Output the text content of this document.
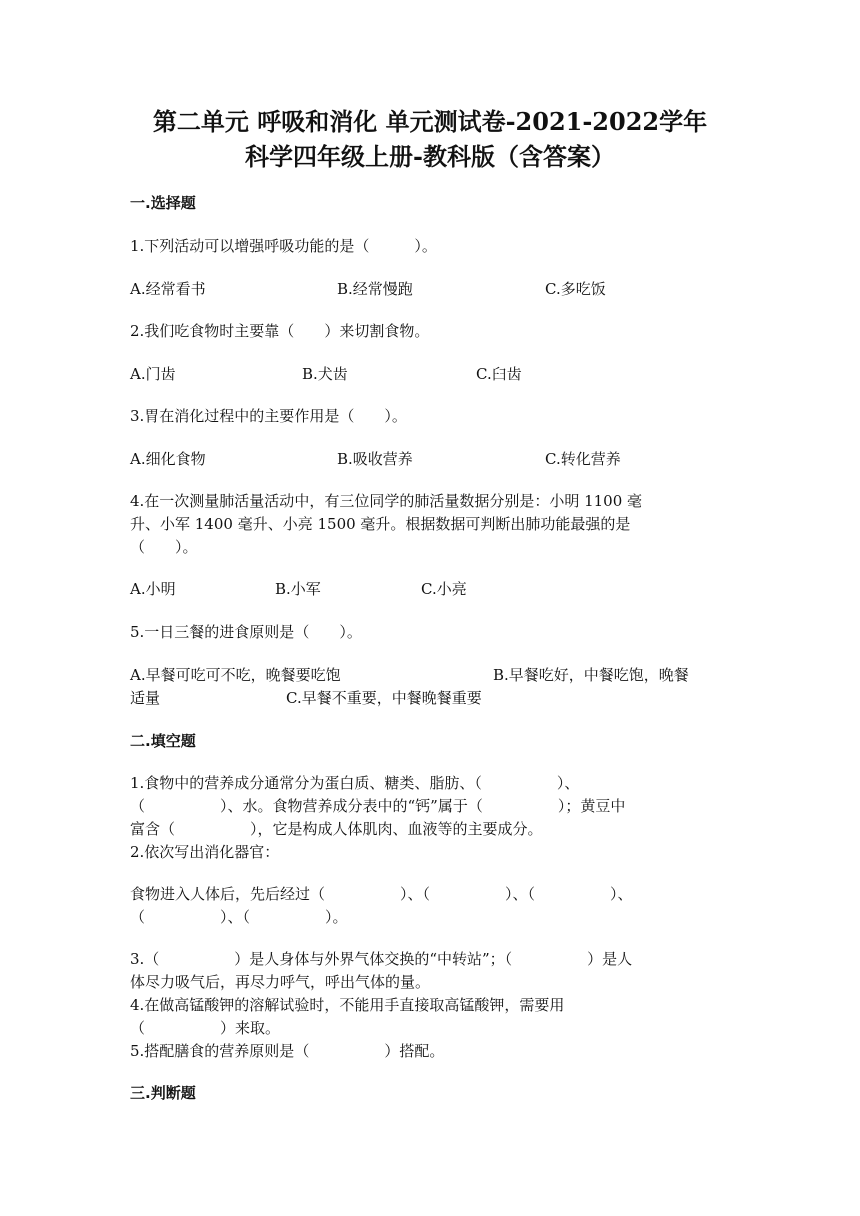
第二单元 呼吸和消化 单元测试卷-2021-2022学年
科学四年级上册-教科版（含答案）
一.选择题
1.下列活动可以增强呼吸功能的是（　　　）。
A.经常看书	B.经常慢跑	C.多吃饭
2.我们吃食物时主要靠（　　）来切割食物。
A.门齿	B.犬齿	C.臼齿
3.胃在消化过程中的主要作用是（　　）。
A.细化食物	B.吸收营养	C.转化营养
4.在一次测量肺活量活动中，有三位同学的肺活量数据分别是：小明 1100 毫
升、小军 1400 毫升、小亮 1500 毫升。根据数据可判断出肺功能最强的是
（　　）。
A.小明	B.小军	C.小亮
5.一日三餐的进食原则是（　　）。
A.早餐可吃可不吃，晚餐要吃饱	B.早餐吃好，中餐吃饱，晚餐
适量	C.早餐不重要，中餐晚餐重要
二.填空题
1.食物中的营养成分通常分为蛋白质、糖类、脂肪、（　　　　　）、
（　　　　　）、水。食物营养成分表中的“钙”属于（　　　　　）；黄豆中
富含（　　　　　），它是构成人体肌肉、血液等的主要成分。
2.依次写出消化器官：
食物进入人体后，先后经过（　　　　　）、（　　　　　）、（　　　　　）、
（　　　　　）、（　　　　　）。
3.（　　　　　）是人身体与外界气体交换的“中转站”；（　　　　　）是人
体尽力吸气后，再尽力呼气，呼出气体的量。
4.在做高锰酸钾的溶解试验时，不能用手直接取高锰酸钾，需要用
（　　　　　）来取。
5.搭配膳食的营养原则是（　　　　　）搭配。
三.判断题
